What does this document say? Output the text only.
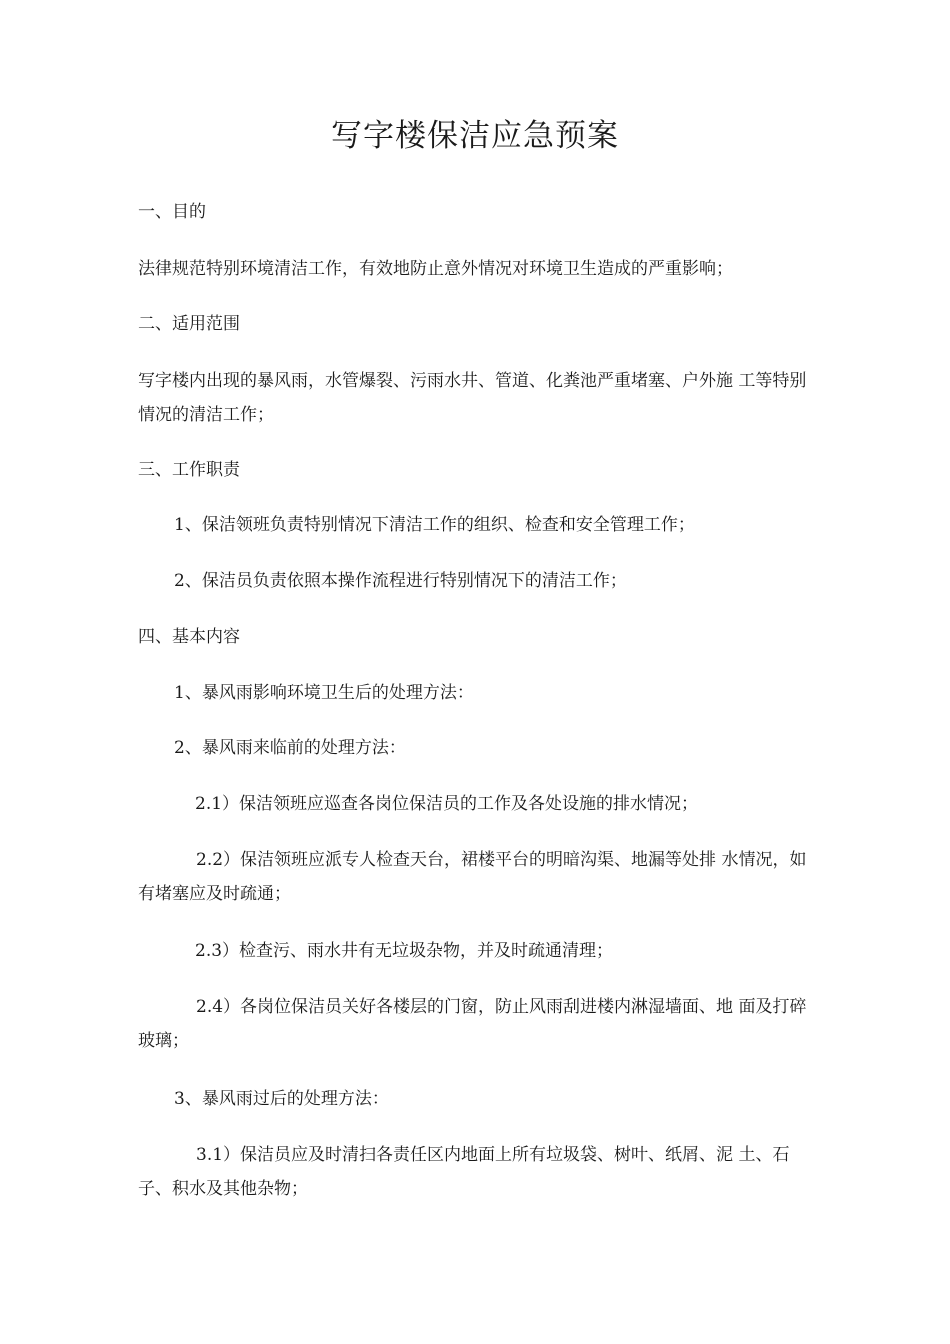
写字楼保洁应急预案
一、目的
法律规范特别环境清洁工作，有效地防止意外情况对环境卫生造成的严重影响；
二、适用范围
写字楼内出现的暴风雨，水管爆裂、污雨水井、管道、化粪池严重堵塞、户外施 工等特别情况的清洁工作；
三、工作职责
1、保洁领班负责特别情况下清洁工作的组织、检查和安全管理工作；
2、保洁员负责依照本操作流程进行特别情况下的清洁工作；
四、基本内容
1、暴风雨影响环境卫生后的处理方法：
2、暴风雨来临前的处理方法：
2.1）保洁领班应巡查各岗位保洁员的工作及各处设施的排水情况；
2.2）保洁领班应派专人检查天台，裙楼平台的明暗沟渠、地漏等处排 水情况，如有堵塞应及时疏通；
2.3）检查污、雨水井有无垃圾杂物，并及时疏通清理；
2.4）各岗位保洁员关好各楼层的门窗，防止风雨刮进楼内淋湿墙面、地 面及打碎玻璃；
3、暴风雨过后的处理方法：
3.1）保洁员应及时清扫各责任区内地面上所有垃圾袋、树叶、纸屑、泥 土、石子、积水及其他杂物；
